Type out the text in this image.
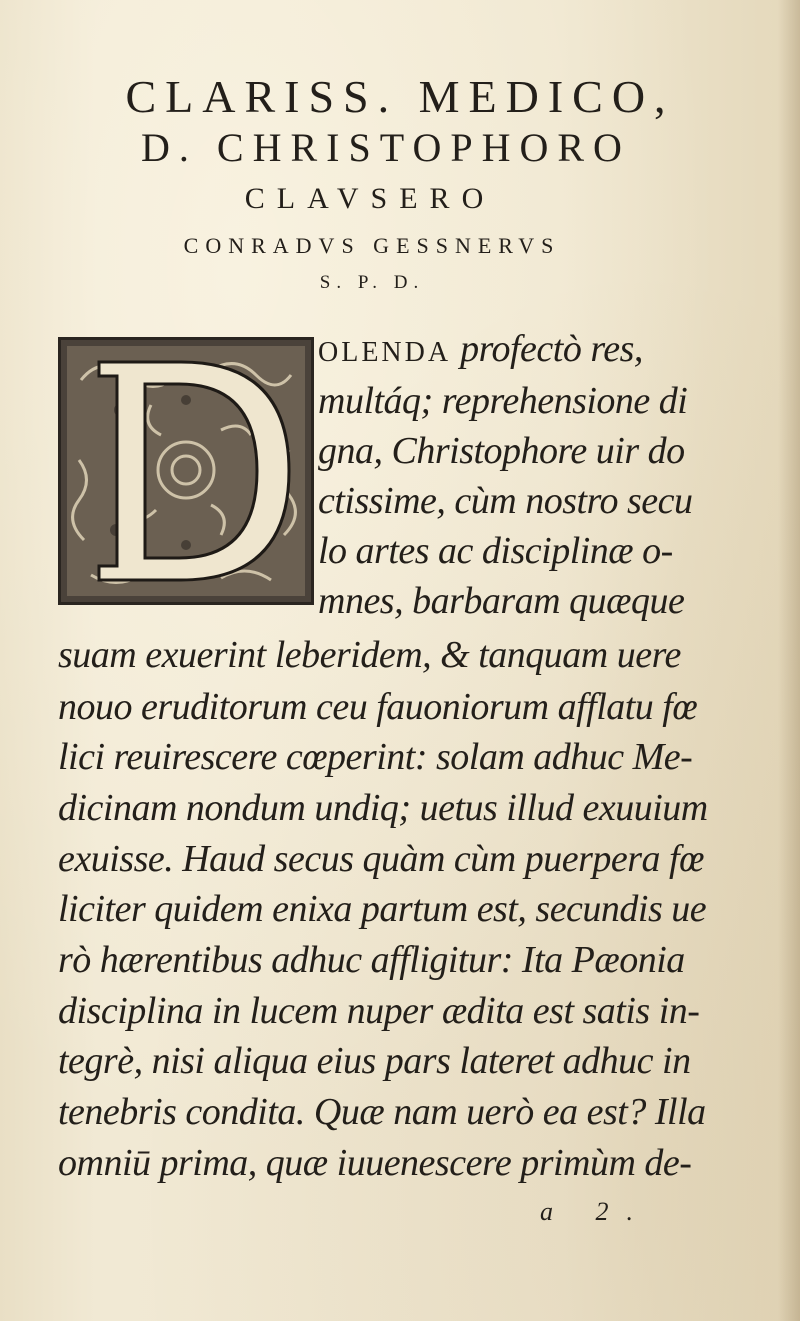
CLARISS. MEDICO,
D. CHRISTOPHORO
CLAVSERO
CONRADVS GESSNERVS
S. P. D.
OLENDA profectò res,
multáq; reprehensione di
gna, Christophore uir do
ctissime, cùm nostro secu
lo artes ac disciplinæ o-
mnes, barbaram quæque
suam exuerint leberidem, & tanquam uere
nouo eruditorum ceu fauoniorum afflatu fœ
lici reuirescere cœperint: solam adhuc Me-
dicinam nondum undiq; uetus illud exuuium
exuisse. Haud secus quàm cùm puerpera fœ
liciter quidem enixa partum est, secundis ue
rò hærentibus adhuc affligitur: Ita Pæonia
disciplina in lucem nuper ædita est satis in-
tegrè, nisi aliqua eius pars lateret adhuc in
tenebris condita. Quæ nam uerò ea est? Illa
omniū prima, quæ iuuenescere primùm de-
a 2.
